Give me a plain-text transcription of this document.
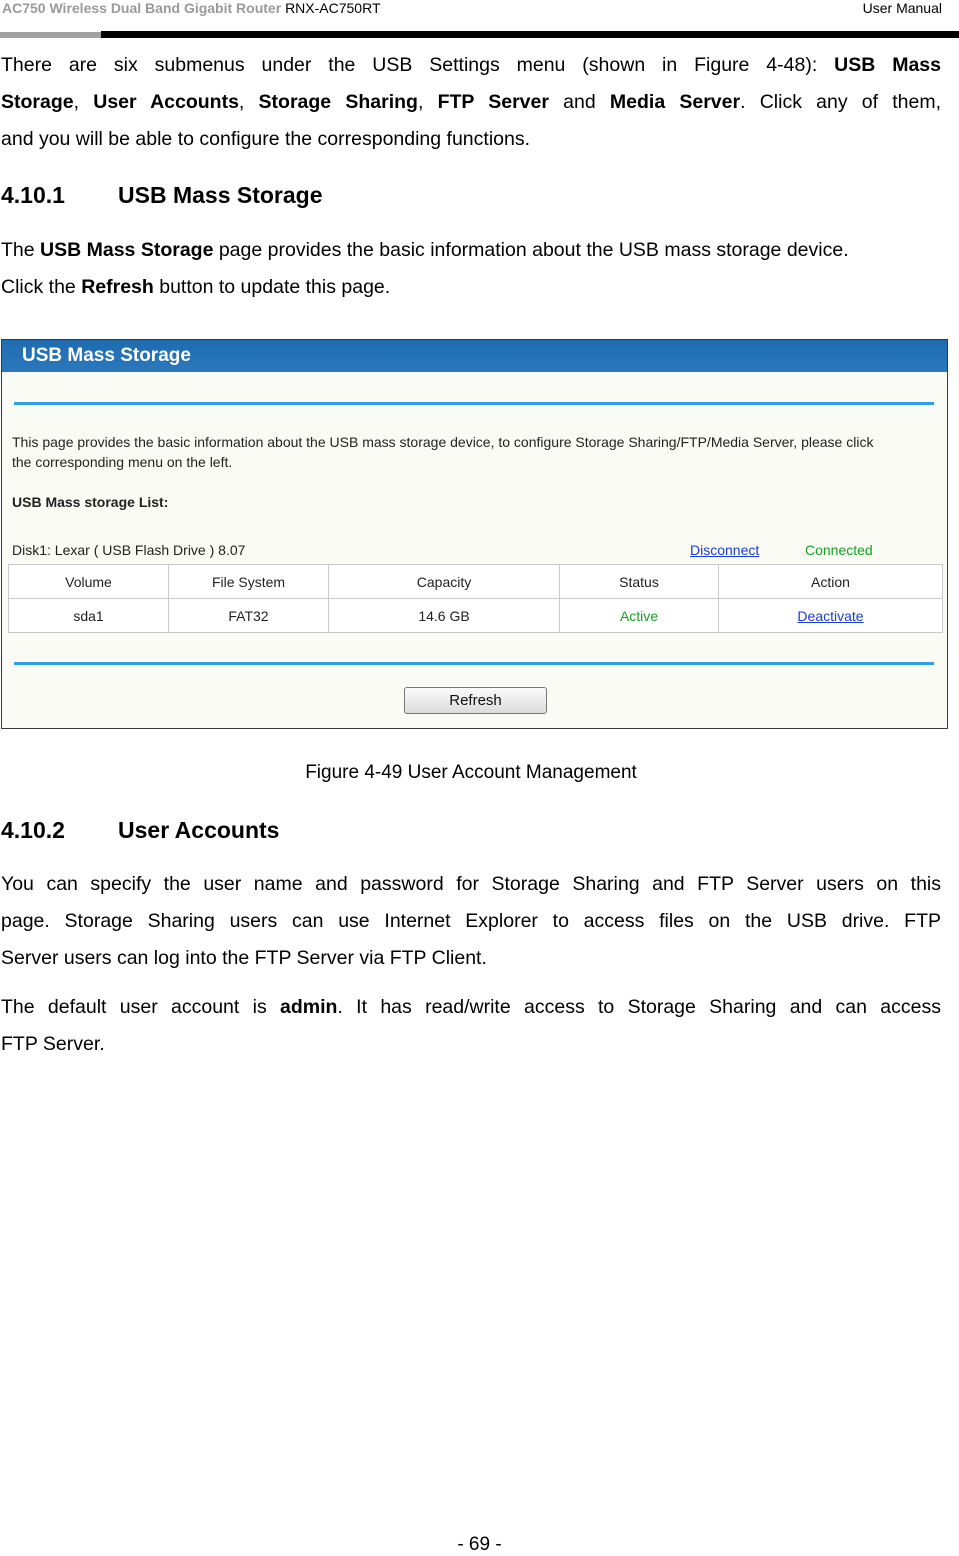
AC750 Wireless Dual Band Gigabit Router RNX-AC750RT	User Manual
There are six submenus under the USB Settings menu (shown in Figure 4-48): USB Mass
Storage, User Accounts, Storage Sharing, FTP Server and Media Server. Click any of them,
and you will be able to configure the corresponding functions.
4.10.1 USB Mass Storage
The USB Mass Storage page provides the basic information about the USB mass storage device.
Click the Refresh button to update this page.
USB Mass Storage
This page provides the basic information about the USB mass storage device, to configure Storage Sharing/FTP/Media Server, please click the corresponding menu on the left.
USB Mass storage List:
Disk1: Lexar ( USB Flash Drive ) 8.07	Disconnect	Connected
Volume	File System	Capacity	Status	Action
sda1	FAT32	14.6 GB	Active	Deactivate
Refresh
Figure 4-49 User Account Management
4.10.2 User Accounts
You can specify the user name and password for Storage Sharing and FTP Server users on this
page. Storage Sharing users can use Internet Explorer to access files on the USB drive. FTP
Server users can log into the FTP Server via FTP Client.
The default user account is admin. It has read/write access to Storage Sharing and can access
FTP Server.
- 69 -
